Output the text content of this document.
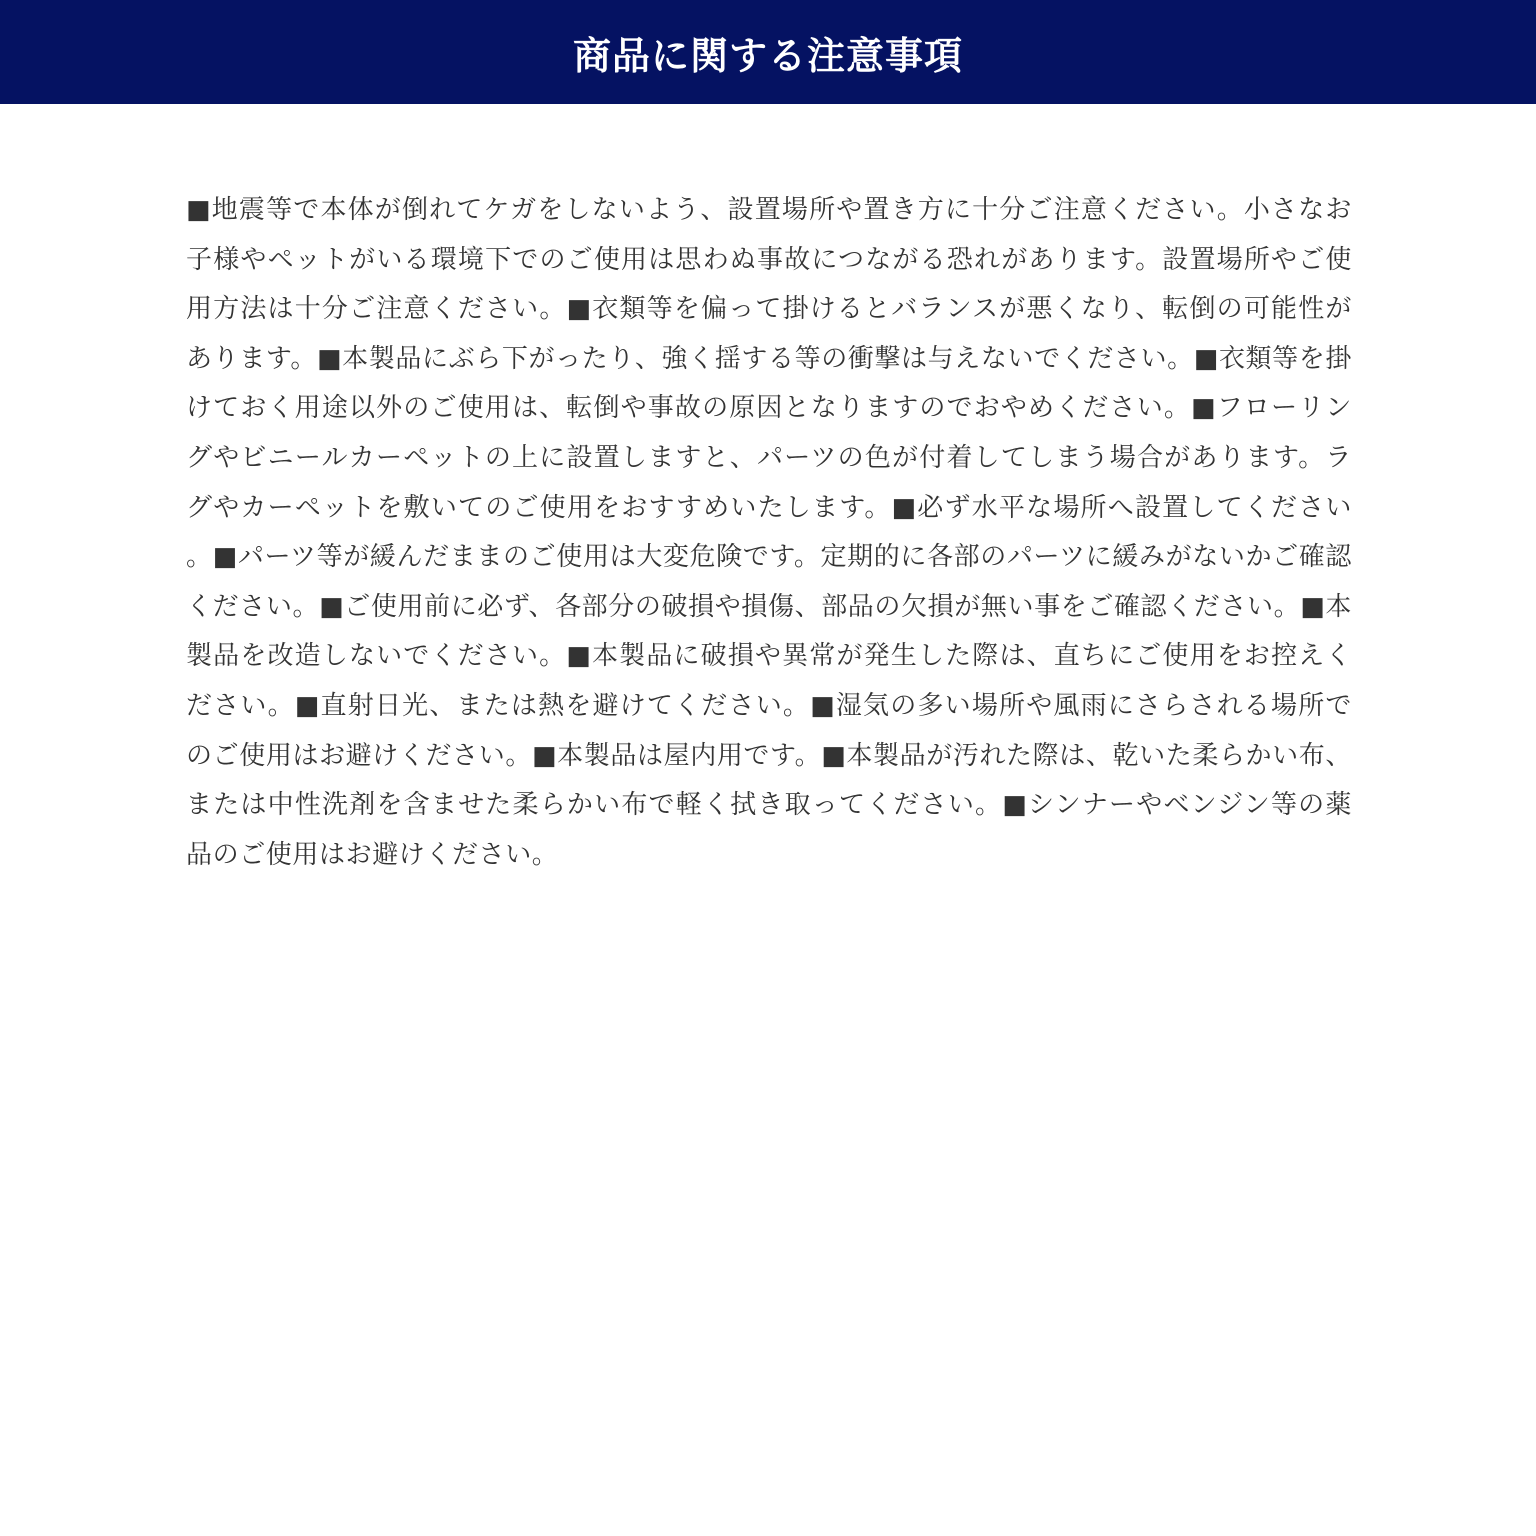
商品に関する注意事項

■地震等で本体が倒れてケガをしないよう、設置場所や置き方に十分ご注意ください。小さなお子様やペットがいる環境下でのご使用は思わぬ事故につながる恐れがあります。設置場所やご使用方法は十分ご注意ください。■衣類等を偏って掛けるとバランスが悪くなり、転倒の可能性があります。■本製品にぶら下がったり、強く揺する等の衝撃は与えないでください。■衣類等を掛けておく用途以外のご使用は、転倒や事故の原因となりますのでおやめください。■フローリングやビニールカーペットの上に設置しますと、パーツの色が付着してしまう場合があります。ラグやカーペットを敷いてのご使用をおすすめいたします。■必ず水平な場所へ設置してください。■パーツ等が緩んだままのご使用は大変危険です。定期的に各部のパーツに緩みがないかご確認ください。■ご使用前に必ず、各部分の破損や損傷、部品の欠損が無い事をご確認ください。■本製品を改造しないでください。■本製品に破損や異常が発生した際は、直ちにご使用をお控えください。■直射日光、または熱を避けてください。■湿気の多い場所や風雨にさらされる場所でのご使用はお避けください。■本製品は屋内用です。■本製品が汚れた際は、乾いた柔らかい布、または中性洗剤を含ませた柔らかい布で軽く拭き取ってください。■シンナーやベンジン等の薬品のご使用はお避けください。
